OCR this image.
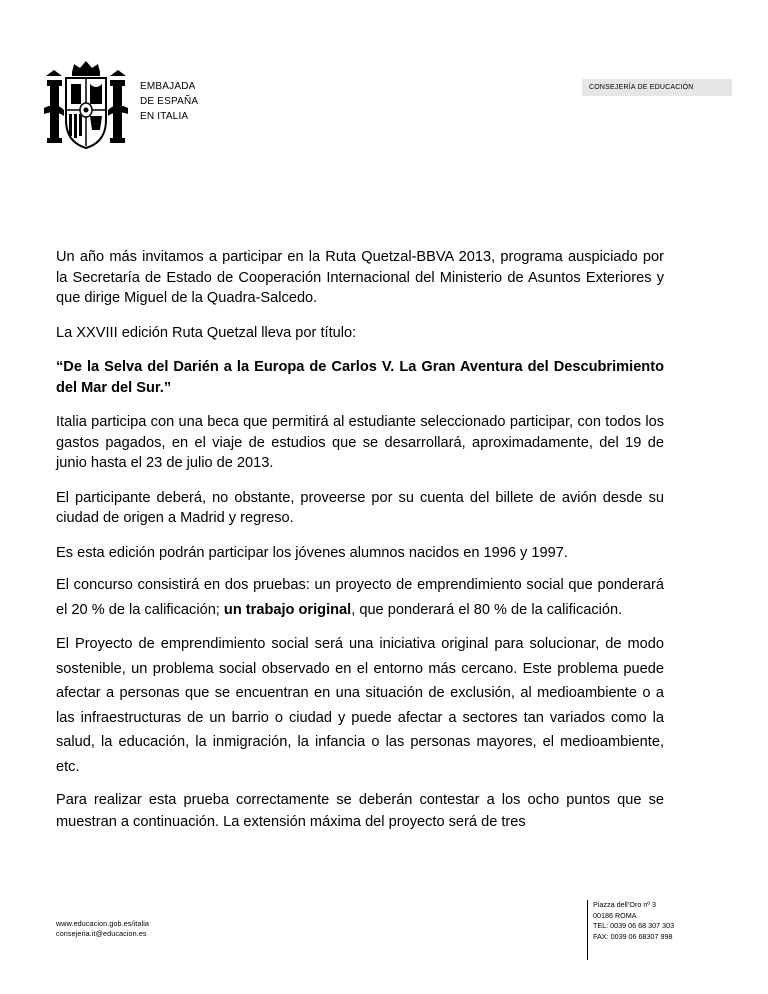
EMBAJADA
DE ESPAÑA
EN ITALIA
CONSEJERÍA DE EDUCACIÓN

Un año más invitamos a participar en la Ruta Quetzal-BBVA 2013, programa auspiciado por la Secretaría de Estado de Cooperación Internacional del Ministerio de Asuntos Exteriores y que dirige Miguel de la Quadra-Salcedo.

La XXVIII edición Ruta Quetzal lleva por título:

“De la Selva del Darién a la Europa de Carlos V. La Gran Aventura del Descubrimiento del Mar del Sur.”

Italia participa con una beca que permitirá al estudiante seleccionado participar, con todos los gastos pagados, en el viaje de estudios que se desarrollará, aproximadamente, del 19 de junio hasta el 23 de julio de 2013.

El participante deberá, no obstante, proveerse por su cuenta del billete de avión desde su ciudad de origen a Madrid y regreso.

Es esta edición podrán participar los jóvenes alumnos nacidos en 1996 y 1997.

El concurso consistirá en dos pruebas: un proyecto de emprendimiento social que ponderará el 20 % de la calificación; un trabajo original, que ponderará el 80 % de la calificación.

El Proyecto de emprendimiento social será una iniciativa original para solucionar, de modo sostenible, un problema social observado en el entorno más cercano. Este problema puede afectar a personas que se encuentran en una situación de exclusión, al medioambiente o a las infraestructuras de un barrio o ciudad y puede afectar a sectores tan variados como la salud, la educación, la inmigración, la infancia o las personas mayores, el medioambiente, etc.

Para realizar esta prueba correctamente se deberán contestar a los ocho puntos que se muestran a continuación. La extensión máxima del proyecto será de tres

www.educacion.gob.es/italia
consejeria.it@educacion.es
Piazza dell’Oro nº 3
00186 ROMA
TEL: 0039 06 68 307 303
FAX: 0039 06 68307 998
